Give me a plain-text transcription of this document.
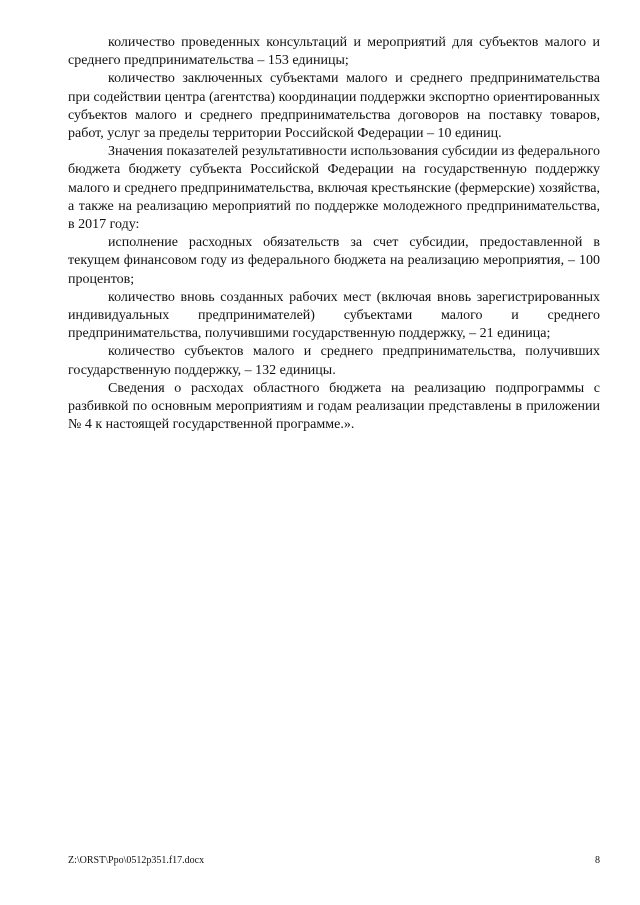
количество проведенных консультаций и мероприятий для субъектов малого и среднего предпринимательства – 153 единицы;

количество заключенных субъектами малого и среднего предпринимательства при содействии центра (агентства) координации поддержки экспортно ориентированных субъектов малого и среднего предпринимательства договоров на поставку товаров, работ, услуг за пределы территории Российской Федерации – 10 единиц.

Значения показателей результативности использования субсидии из федерального бюджета бюджету субъекта Российской Федерации на государственную поддержку малого и среднего предпринимательства, включая крестьянские (фермерские) хозяйства, а также на реализацию мероприятий по поддержке молодежного предпринимательства, в 2017 году:

исполнение расходных обязательств за счет субсидии, предоставленной в текущем финансовом году из федерального бюджета на реализацию мероприятия, – 100 процентов;

количество вновь созданных рабочих мест (включая вновь зарегистрированных индивидуальных предпринимателей) субъектами малого и среднего предпринимательства, получившими государственную поддержку, – 21 единица;

количество субъектов малого и среднего предпринимательства, получивших государственную поддержку, – 132 единицы.

Сведения о расходах областного бюджета на реализацию подпрограммы с разбивкой по основным мероприятиям и годам реализации представлены в приложении № 4 к настоящей государственной программе.».

Z:\ORST\Ppo\0512p351.f17.docx	8
